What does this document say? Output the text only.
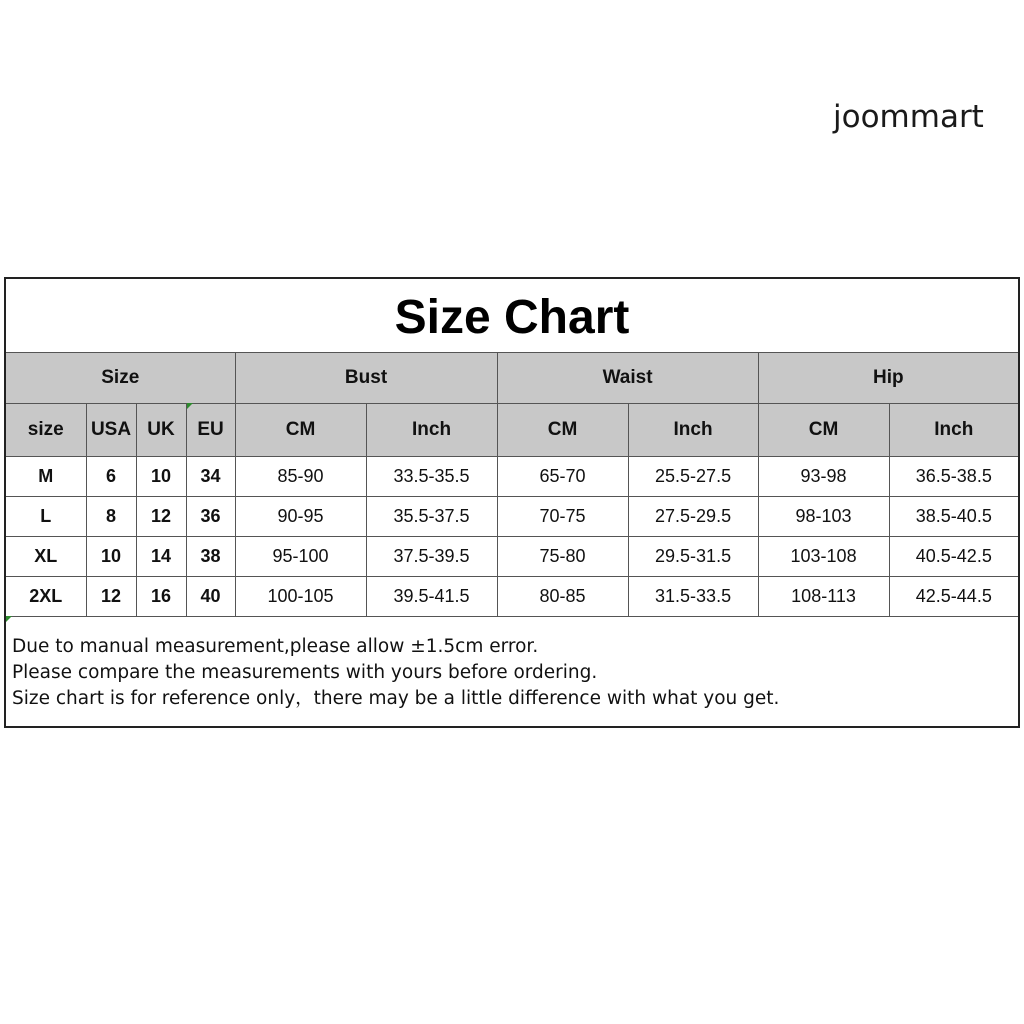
joommart
Size Chart
Size				Bust		Waist		Hip	
size	USA	UK	EU	CM	Inch	CM	Inch	CM	Inch
M	6	10	34	85-90	33.5-35.5	65-70	25.5-27.5	93-98	36.5-38.5
L	8	12	36	90-95	35.5-37.5	70-75	27.5-29.5	98-103	38.5-40.5
XL	10	14	38	95-100	37.5-39.5	75-80	29.5-31.5	103-108	40.5-42.5
2XL	12	16	40	100-105	39.5-41.5	80-85	31.5-33.5	108-113	42.5-44.5
Due to manual measurement,please allow ±1.5cm error.
Please compare the measurements with yours before ordering.
Size chart is for reference only，there may be a little difference with what you get.
